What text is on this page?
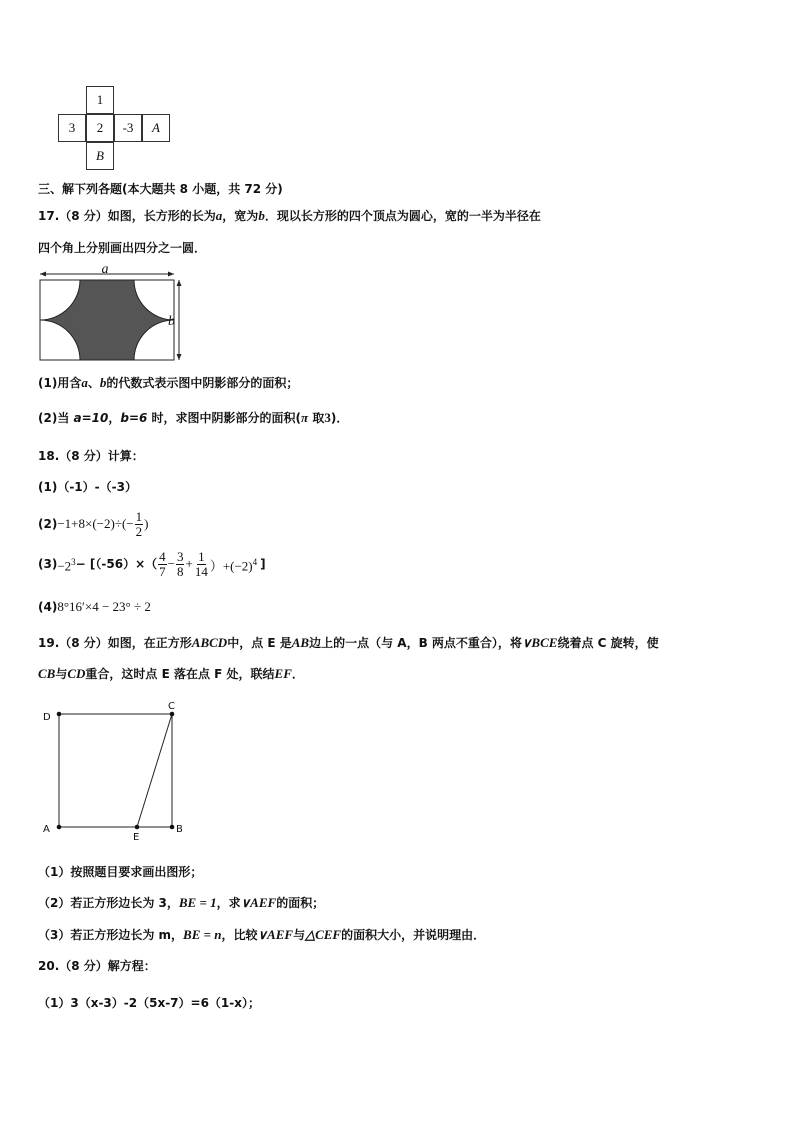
1
3 2 -3 A
B
三、解下列各题(本大题共 8 小题，共 72 分)
17.（8 分）如图，长方形的长为a，宽为b．现以长方形的四个顶点为圆心，宽的一半为半径在
四个角上分别画出四分之一圆．
a
b
(1)用含a、b的代数式表示图中阴影部分的面积；
(2)当 a=10，b=6 时，求图中阴影部分的面积(π 取3)．
18.（8 分）计算：
(1)（-1）-（-3）
$(2) -1+8\times(-2)\div(- \frac{1}{2}$ )
$(3) -2^3 - [(-56)\times( \frac{4}{7} - \frac{3}{8} + \frac{1}{14} )+(-2)^4$ ]
(4)8°16′×4 − 23° ÷ 2
19.（8 分）如图，在正方形ABCD中，点 E 是AB边上的一点（与 A，B 两点不重合），将∨BCE绕着点 C 旋转，使
CB与CD重合，这时点 E 落在点 F 处，联结EF．
D
C
A
E
B
（1）按照题目要求画出图形；
（2）若正方形边长为 3，BE = 1，求∨AEF的面积；
（3）若正方形边长为 m，BE = n，比较∨AEF与△CEF的面积大小，并说明理由．
20.（8 分）解方程：
（1）3（x-3）-2（5x-7）=6（1-x）；
